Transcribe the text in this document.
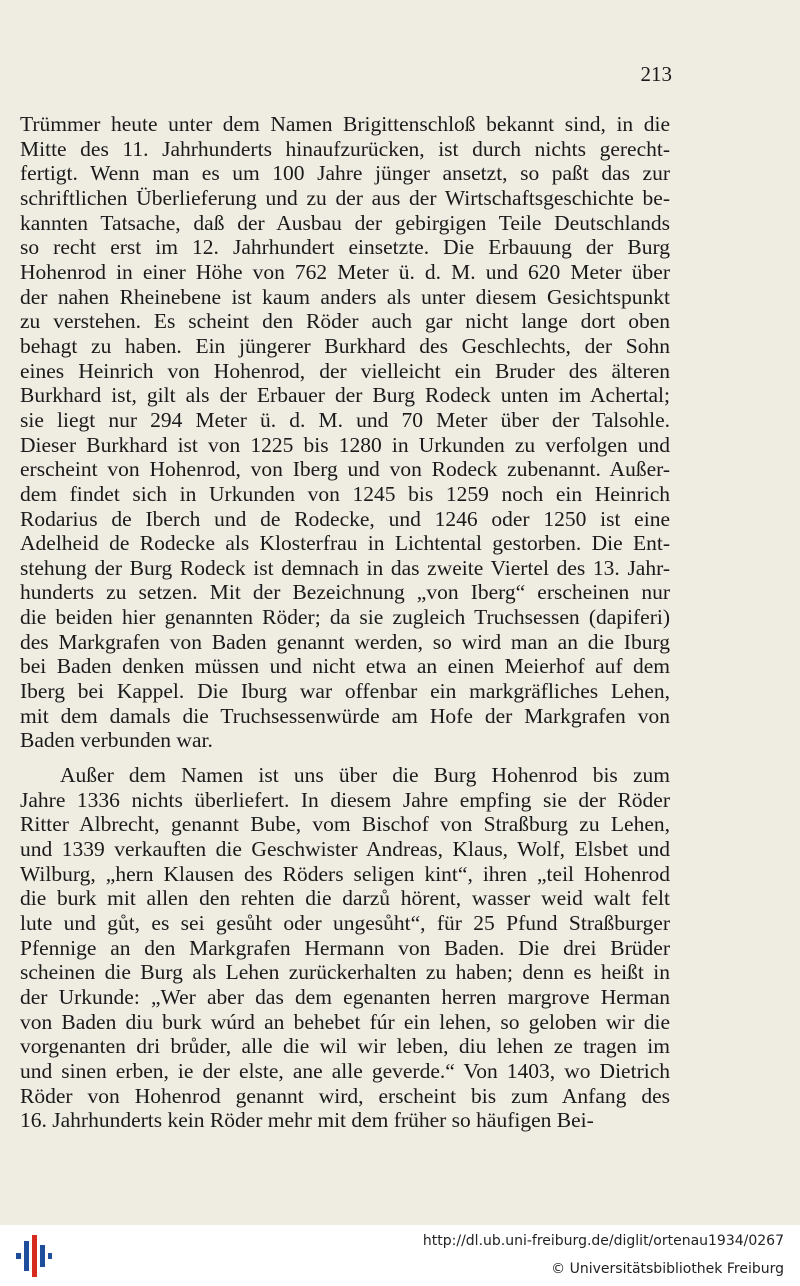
213
Trümmer heute unter dem Namen Brigittenschloß bekannt sind, in die
Mitte des 11. Jahrhunderts hinaufzurücken, ist durch nichts gerecht-
fertigt. Wenn man es um 100 Jahre jünger ansetzt, so paßt das zur
schriftlichen Überlieferung und zu der aus der Wirtschaftsgeschichte be-
kannten Tatsache, daß der Ausbau der gebirgigen Teile Deutschlands
so recht erst im 12. Jahrhundert einsetzte. Die Erbauung der Burg
Hohenrod in einer Höhe von 762 Meter ü. d. M. und 620 Meter über
der nahen Rheinebene ist kaum anders als unter diesem Gesichtspunkt
zu verstehen. Es scheint den Röder auch gar nicht lange dort oben
behagt zu haben. Ein jüngerer Burkhard des Geschlechts, der Sohn
eines Heinrich von Hohenrod, der vielleicht ein Bruder des älteren
Burkhard ist, gilt als der Erbauer der Burg Rodeck unten im Achertal;
sie liegt nur 294 Meter ü. d. M. und 70 Meter über der Talsohle.
Dieser Burkhard ist von 1225 bis 1280 in Urkunden zu verfolgen und
erscheint von Hohenrod, von Iberg und von Rodeck zubenannt. Außer-
dem findet sich in Urkunden von 1245 bis 1259 noch ein Heinrich
Rodarius de Iberch und de Rodecke, und 1246 oder 1250 ist eine
Adelheid de Rodecke als Klosterfrau in Lichtental gestorben. Die Ent-
stehung der Burg Rodeck ist demnach in das zweite Viertel des 13. Jahr-
hunderts zu setzen. Mit der Bezeichnung „von Iberg“ erscheinen nur
die beiden hier genannten Röder; da sie zugleich Truchsessen (dapiferi)
des Markgrafen von Baden genannt werden, so wird man an die Iburg
bei Baden denken müssen und nicht etwa an einen Meierhof auf dem
Iberg bei Kappel. Die Iburg war offenbar ein markgräfliches Lehen,
mit dem damals die Truchsessenwürde am Hofe der Markgrafen von
Baden verbunden war.
Außer dem Namen ist uns über die Burg Hohenrod bis zum
Jahre 1336 nichts überliefert. In diesem Jahre empfing sie der Röder
Ritter Albrecht, genannt Bube, vom Bischof von Straßburg zu Lehen,
und 1339 verkauften die Geschwister Andreas, Klaus, Wolf, Elsbet und
Wilburg, „hern Klausen des Röders seligen kint“, ihren „teil Hohenrod
die burk mit allen den rehten die darzů hörent, wasser weid walt felt
lute und gůt, es sei gesůht oder ungesůht“, für 25 Pfund Straßburger
Pfennige an den Markgrafen Hermann von Baden. Die drei Brüder
scheinen die Burg als Lehen zurückerhalten zu haben; denn es heißt in
der Urkunde: „Wer aber das dem egenanten herren margrove Herman
von Baden diu burk wúrd an behebet fúr ein lehen, so geloben wir die
vorgenanten dri brůder, alle die wil wir leben, diu lehen ze tragen im
und sinen erben, ie der elste, ane alle geverde.“ Von 1403, wo Dietrich
Röder von Hohenrod genannt wird, erscheint bis zum Anfang des
16. Jahrhunderts kein Röder mehr mit dem früher so häufigen Bei-
http://dl.ub.uni-freiburg.de/diglit/ortenau1934/0267
© Universitätsbibliothek Freiburg
